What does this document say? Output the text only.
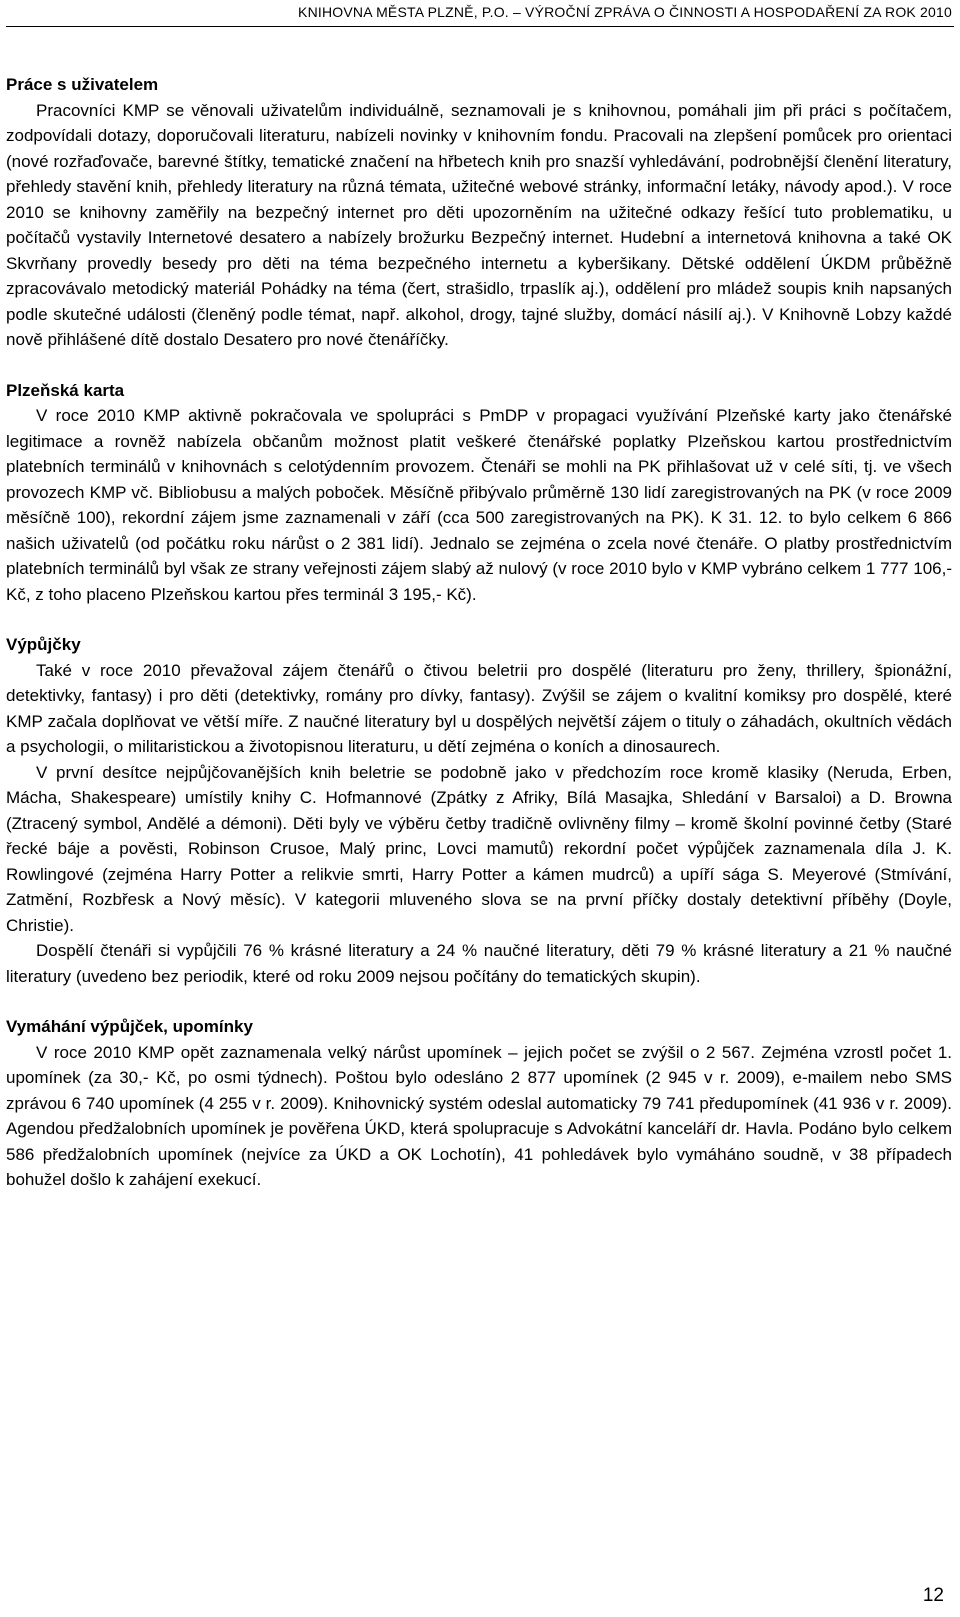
KNIHOVNA MĚSTA PLZNĚ, P.O. – VÝROČNÍ ZPRÁVA O ČINNOSTI A HOSPODAŘENÍ ZA ROK 2010
Práce s uživatelem

Pracovníci KMP se věnovali uživatelům individuálně, seznamovali je s knihovnou, pomáhali jim při práci s počítačem, zodpovídali dotazy, doporučovali literaturu, nabízeli novinky v knihovním fondu. Pracovali na zlepšení pomůcek pro orientaci (nové rozřaďovače, barevné štítky, tematické značení na hřbetech knih pro snazší vyhledávání, podrobnější členění literatury, přehledy stavění knih, přehledy literatury na různá témata, užitečné webové stránky, informační letáky, návody apod.). V roce 2010 se knihovny zaměřily na bezpečný internet pro děti upozorněním na užitečné odkazy řešící tuto problematiku, u počítačů vystavily Internetové desatero a nabízely brožurku Bezpečný internet. Hudební a internetová knihovna a také OK Skvrňany provedly besedy pro děti na téma bezpečného internetu a kyberšikany. Dětské oddělení ÚKDM průběžně zpracovávalo metodický materiál Pohádky na téma (čert, strašidlo, trpaslík aj.), oddělení pro mládež soupis knih napsaných podle skutečné události (členěný podle témat, např. alkohol, drogy, tajné služby, domácí násilí aj.). V Knihovně Lobzy každé nově přihlášené dítě dostalo Desatero pro nové čtenáříčky.

Plzeňská karta

V roce 2010 KMP aktivně pokračovala ve spolupráci s PmDP v propagaci využívání Plzeňské karty jako čtenářské legitimace a rovněž nabízela občanům možnost platit veškeré čtenářské poplatky Plzeňskou kartou prostřednictvím platebních terminálů v knihovnách s celotýdenním provozem. Čtenáři se mohli na PK přihlašovat už v celé síti, tj. ve všech provozech KMP vč. Bibliobusu a malých poboček. Měsíčně přibývalo průměrně 130 lidí zaregistrovaných na PK (v roce 2009 měsíčně 100), rekordní zájem jsme zaznamenali v září (cca 500 zaregistrovaných na PK). K 31. 12. to bylo celkem 6 866 našich uživatelů (od počátku roku nárůst o 2 381 lidí). Jednalo se zejména o zcela nové čtenáře. O platby prostřednictvím platebních terminálů byl však ze strany veřejnosti zájem slabý až nulový (v roce 2010 bylo v KMP vybráno celkem 1 777 106,- Kč, z toho placeno Plzeňskou kartou přes terminál 3 195,- Kč).

Výpůjčky

Také v roce 2010 převažoval zájem čtenářů o čtivou beletrii pro dospělé (literaturu pro ženy, thrillery, špionážní, detektivky, fantasy) i pro děti (detektivky, romány pro dívky, fantasy). Zvýšil se zájem o kvalitní komiksy pro dospělé, které KMP začala doplňovat ve větší míře. Z naučné literatury byl u dospělých největší zájem o tituly o záhadách, okultních vědách a psychologii, o militaristickou a životopisnou literaturu, u dětí zejména o koních a dinosaurech.

V první desítce nejpůjčovanějších knih beletrie se podobně jako v předchozím roce kromě klasiky (Neruda, Erben, Mácha, Shakespeare) umístily knihy C. Hofmannové (Zpátky z Afriky, Bílá Masajka, Shledání v Barsaloi) a D. Browna (Ztracený symbol, Andělé a démoni). Děti byly ve výběru četby tradičně ovlivněny filmy – kromě školní povinné četby (Staré řecké báje a pověsti, Robinson Crusoe, Malý princ, Lovci mamutů) rekordní počet výpůjček zaznamenala díla J. K. Rowlingové (zejména Harry Potter a relikvie smrti, Harry Potter a kámen mudrců) a upíří sága S. Meyerové (Stmívání, Zatmění, Rozbřesk a Nový měsíc). V kategorii mluveného slova se na první příčky dostaly detektivní příběhy (Doyle, Christie).

Dospělí čtenáři si vypůjčili 76 % krásné literatury a 24 % naučné literatury, děti 79 % krásné literatury a 21 % naučné literatury (uvedeno bez periodik, které od roku 2009 nejsou počítány do tematických skupin).

Vymáhání výpůjček, upomínky

V roce 2010 KMP opět zaznamenala velký nárůst upomínek – jejich počet se zvýšil o 2 567. Zejména vzrostl počet 1. upomínek (za 30,- Kč, po osmi týdnech). Poštou bylo odesláno 2 877 upomínek (2 945 v r. 2009), e-mailem nebo SMS zprávou 6 740 upomínek (4 255 v r. 2009). Knihovnický systém odeslal automaticky 79 741 předupomínek (41 936 v r. 2009). Agendou předžalobních upomínek je pověřena ÚKD, která spolupracuje s Advokátní kanceláří dr. Havla. Podáno bylo celkem 586 předžalobních upomínek (nejvíce za ÚKD a OK Lochotín), 41 pohledávek bylo vymáháno soudně, v 38 případech bohužel došlo k zahájení exekucí.

12
